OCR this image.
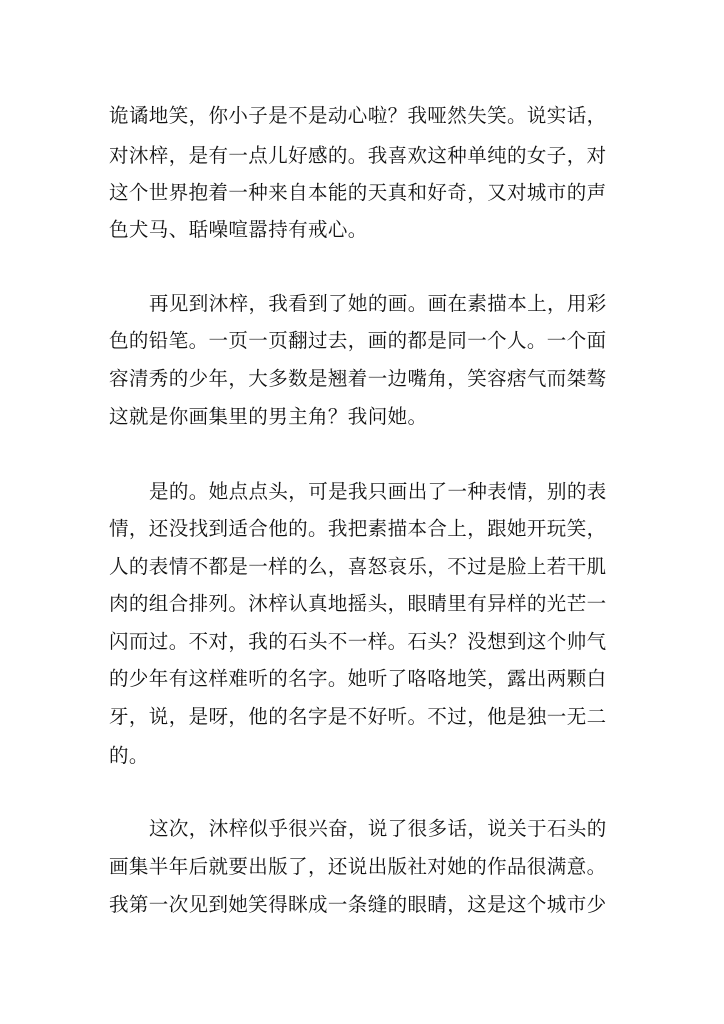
诡谲地笑，你小子是不是动心啦？我哑然失笑。说实话，
对沐梓，是有一点儿好感的。我喜欢这种单纯的女子，对
这个世界抱着一种来自本能的天真和好奇，又对城市的声
色犬马、聒噪喧嚣持有戒心。
再见到沐梓，我看到了她的画。画在素描本上，用彩
色的铅笔。一页一页翻过去，画的都是同一个人。一个面
容清秀的少年，大多数是翘着一边嘴角，笑容痞气而桀骜
这就是你画集里的男主角？我问她。
是的。她点点头，可是我只画出了一种表情，别的表
情，还没找到适合他的。我把素描本合上，跟她开玩笑，
人的表情不都是一样的么，喜怒哀乐，不过是脸上若干肌
肉的组合排列。沐梓认真地摇头，眼睛里有异样的光芒一
闪而过。不对，我的石头不一样。石头？没想到这个帅气
的少年有这样难听的名字。她听了咯咯地笑，露出两颗白
牙，说，是呀，他的名字是不好听。不过，他是独一无二
的。
这次，沐梓似乎很兴奋，说了很多话，说关于石头的
画集半年后就要出版了，还说出版社对她的作品很满意。
我第一次见到她笑得眯成一条缝的眼睛，这是这个城市少
